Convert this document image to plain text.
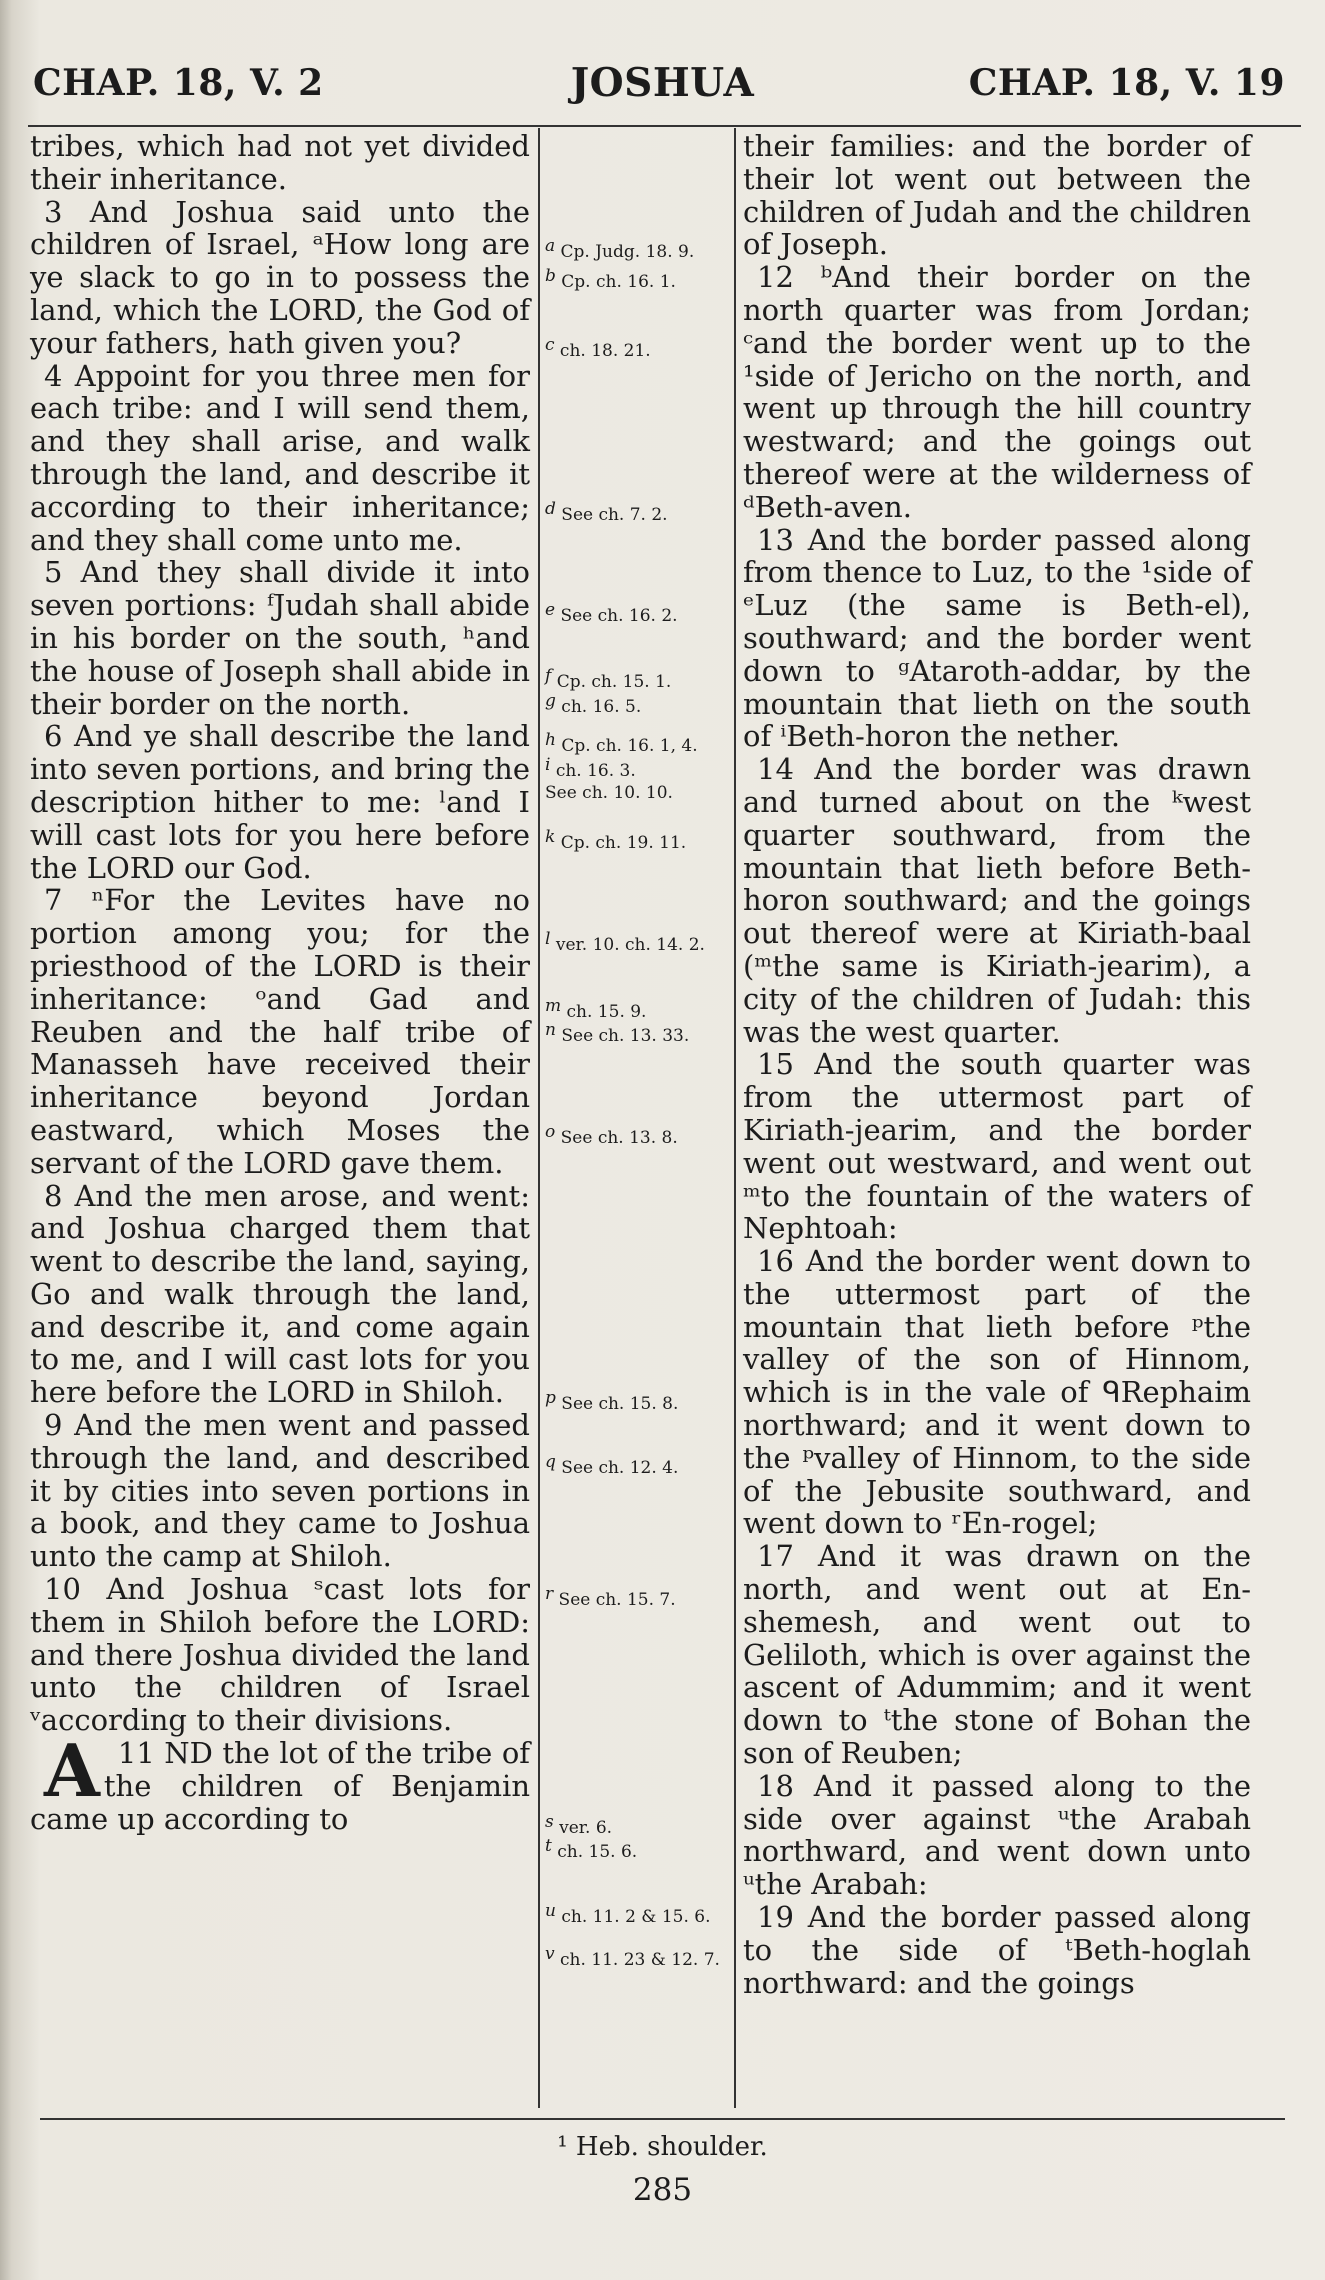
CHAP. 18, V. 2	JOSHUA	CHAP. 18, V. 19

tribes, which had not yet divided their inheritance.

3 And Joshua said unto the children of Israel, ᵃHow long are ye slack to go in to possess the land, which the LORD, the God of your fathers, hath given you?

4 Appoint for you three men for each tribe: and I will send them, and they shall arise, and walk through the land, and describe it according to their inheritance; and they shall come unto me.

5 And they shall divide it into seven portions: ᶠJudah shall abide in his border on the south, ʰand the house of Joseph shall abide in their border on the north.

6 And ye shall describe the land into seven portions, and bring the description hither to me: ˡand I will cast lots for you here before the LORD our God.

7 ⁿFor the Levites have no portion among you; for the priesthood of the LORD is their inheritance: ᵒand Gad and Reuben and the half tribe of Manasseh have received their inheritance beyond Jordan eastward, which Moses the servant of the LORD gave them.

8 And the men arose, and went: and Joshua charged them that went to describe the land, saying, Go and walk through the land, and describe it, and come again to me, and I will cast lots for you here before the LORD in Shiloh.

9 And the men went and passed through the land, and described it by cities into seven portions in a book, and they came to Joshua unto the camp at Shiloh.

10 And Joshua ˢcast lots for them in Shiloh before the LORD: and there Joshua divided the land unto the children of Israel ᵛaccording to their divisions.

11
A ND the lot of the tribe of the children of Benjamin came up according to

$^a$ Cp. Judg. 18. 9.
$^b$ Cp. ch. 16. 1.
$^c$ ch. 18. 21.
$^d$ See ch. 7. 2.
$^e$ See ch. 16. 2.
$^f$ Cp. ch. 15. 1.
$^g$ ch. 16. 5.
$^h$ Cp. ch. 16. 1, 4.
$^i$ ch. 16. 3.
See ch. 10. 10.
$^k$ Cp. ch. 19. 11.
$^l$ ver. 10. ch. 14. 2.
$^m$ ch. 15. 9.
$^n$ See ch. 13. 33.
$^o$ See ch. 13. 8.
$^p$ See ch. 15. 8.
$^q$ See ch. 12. 4.
$^r$ See ch. 15. 7.
$^s$ ver. 6.
$^t$ ch. 15. 6.
$^u$ ch. 11. 2 & 15. 6.
$^v$ ch. 11. 23 & 12. 7.

their families: and the border of their lot went out between the children of Judah and the children of Joseph.

12 ᵇAnd their border on the north quarter was from Jordan; ᶜand the border went up to the ¹side of Jericho on the north, and went up through the hill country westward; and the goings out thereof were at the wilderness of ᵈBeth-aven.

13 And the border passed along from thence to Luz, to the ¹side of ᵉLuz (the same is Beth-el), southward; and the border went down to ᵍAtaroth-addar, by the mountain that lieth on the south of ⁱBeth-horon the nether.

14 And the border was drawn and turned about on the ᵏwest quarter southward, from the mountain that lieth before Beth-horon southward; and the goings out thereof were at Kiriath-baal (ᵐthe same is Kiriath-jearim), a city of the children of Judah: this was the west quarter.

15 And the south quarter was from the uttermost part of Kiriath-jearim, and the border went out westward, and went out ᵐto the fountain of the waters of Nephtoah:

16 And the border went down to the uttermost part of the mountain that lieth before ᵖthe valley of the son of Hinnom, which is in the vale of ᑫRephaim northward; and it went down to the ᵖvalley of Hinnom, to the side of the Jebusite southward, and went down to ʳEn-rogel;

17 And it was drawn on the north, and went out at En-shemesh, and went out to Geliloth, which is over against the ascent of Adummim; and it went down to ᵗthe stone of Bohan the son of Reuben;

18 And it passed along to the side over against ᵘthe Arabah northward, and went down unto ᵘthe Arabah:

19 And the border passed along to the side of ᵗBeth-hoglah northward: and the goings

¹ Heb. shoulder.
285
